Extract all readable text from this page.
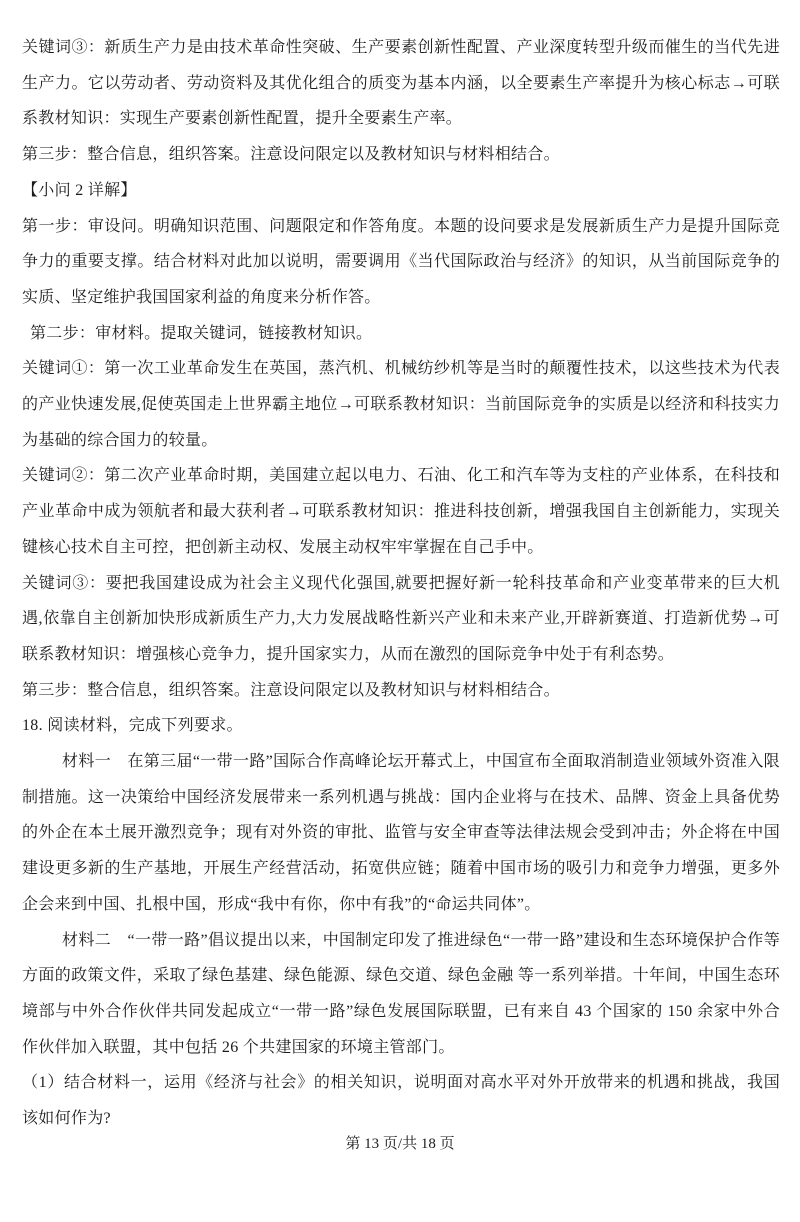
关键词③：新质生产力是由技术革命性突破、生产要素创新性配置、产业深度转型升级而催生的当代先进生产力。它以劳动者、劳动资料及其优化组合的质变为基本内涵，以全要素生产率提升为核心标志→可联系教材知识：实现生产要素创新性配置，提升全要素生产率。

第三步：整合信息，组织答案。注意设问限定以及教材知识与材料相结合。

【小问 2 详解】

第一步：审设问。明确知识范围、问题限定和作答角度。本题的设问要求是发展新质生产力是提升国际竞争力的重要支撑。结合材料对此加以说明，需要调用《当代国际政治与经济》的知识，从当前国际竞争的实质、坚定维护我国国家利益的角度来分析作答。

第二步：审材料。提取关键词，链接教材知识。

关键词①：第一次工业革命发生在英国，蒸汽机、机械纺纱机等是当时的颠覆性技术，以这些技术为代表的产业快速发展,促使英国走上世界霸主地位→可联系教材知识：当前国际竞争的实质是以经济和科技实力为基础的综合国力的较量。

关键词②：第二次产业革命时期，美国建立起以电力、石油、化工和汽车等为支柱的产业体系，在科技和产业革命中成为领航者和最大获利者→可联系教材知识：推进科技创新，增强我国自主创新能力，实现关键核心技术自主可控，把创新主动权、发展主动权牢牢掌握在自己手中。

关键词③：要把我国建设成为社会主义现代化强国,就要把握好新一轮科技革命和产业变革带来的巨大机遇,依靠自主创新加快形成新质生产力,大力发展战略性新兴产业和未来产业,开辟新赛道、打造新优势→可联系教材知识：增强核心竞争力，提升国家实力，从而在激烈的国际竞争中处于有利态势。

第三步：整合信息，组织答案。注意设问限定以及教材知识与材料相结合。

18. 阅读材料，完成下列要求。

材料一　在第三届“一带一路”国际合作高峰论坛开幕式上，中国宣布全面取消制造业领域外资准入限制措施。这一决策给中国经济发展带来一系列机遇与挑战：国内企业将与在技术、品牌、资金上具备优势的外企在本土展开激烈竞争；现有对外资的审批、监管与安全审查等法律法规会受到冲击；外企将在中国建设更多新的生产基地，开展生产经营活动，拓宽供应链；随着中国市场的吸引力和竞争力增强，更多外企会来到中国、扎根中国，形成“我中有你，你中有我”的“命运共同体”。

材料二　“一带一路”倡议提出以来，中国制定印发了推进绿色“一带一路”建设和生态环境保护合作等方面的政策文件，采取了绿色基建、绿色能源、绿色交道、绿色金融 等一系列举措。十年间，中国生态环境部与中外合作伙伴共同发起成立“一带一路”绿色发展国际联盟，已有来自 43 个国家的 150 余家中外合作伙伴加入联盟，其中包括 26 个共建国家的环境主管部门。

（1）结合材料一，运用《经济与社会》的相关知识，说明面对高水平对外开放带来的机遇和挑战，我国该如何作为?

第 13 页/共 18 页
